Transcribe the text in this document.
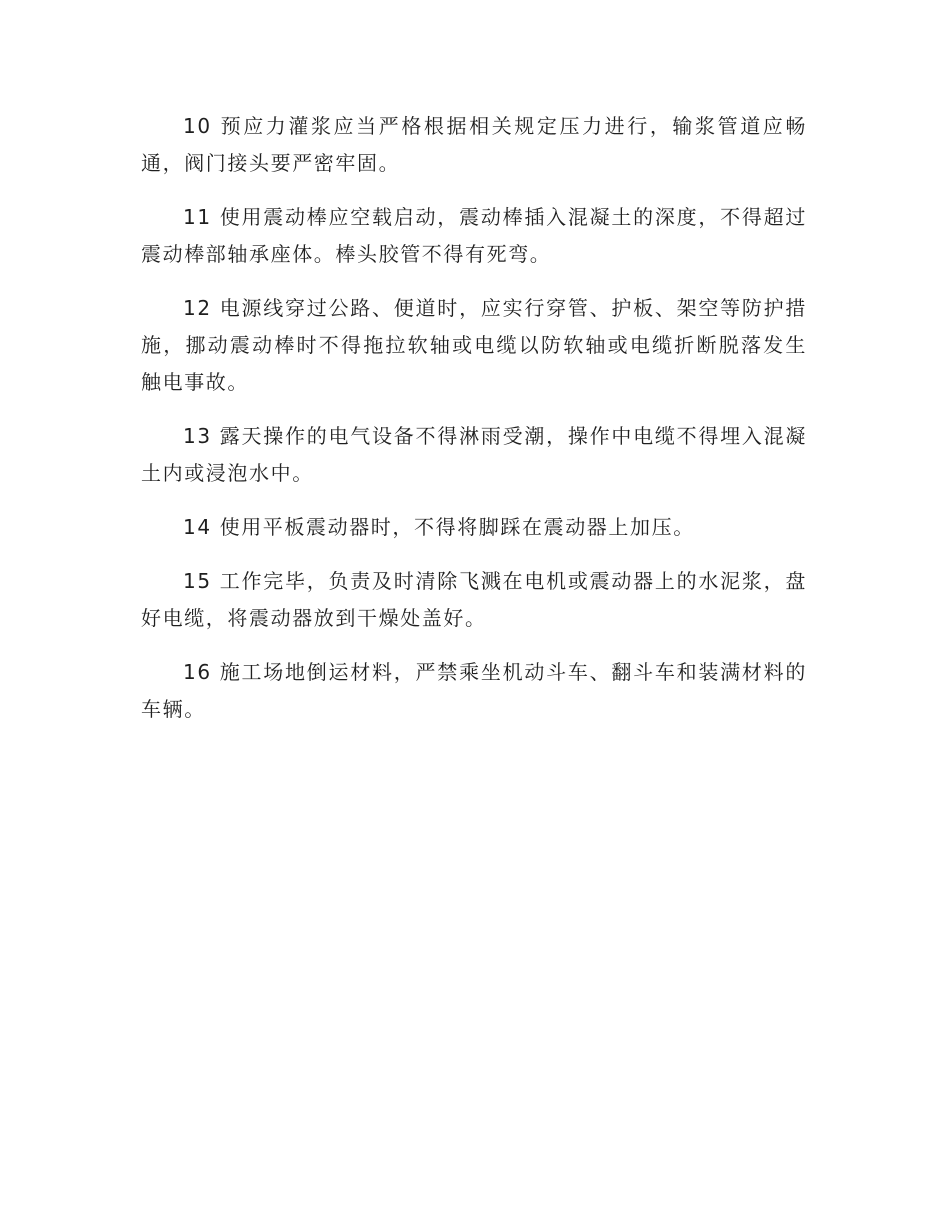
10 预应力灌浆应当严格根据相关规定压力进行，输浆管道应畅通，阀门接头要严密牢固。

11 使用震动棒应空载启动，震动棒插入混凝土的深度，不得超过震动棒部轴承座体。棒头胶管不得有死弯。

12 电源线穿过公路、便道时，应实行穿管、护板、架空等防护措施，挪动震动棒时不得拖拉软轴或电缆以防软轴或电缆折断脱落发生触电事故。

13 露天操作的电气设备不得淋雨受潮，操作中电缆不得埋入混凝土内或浸泡水中。

14 使用平板震动器时，不得将脚踩在震动器上加压。

15 工作完毕，负责及时清除飞溅在电机或震动器上的水泥浆，盘好电缆，将震动器放到干燥处盖好。

16 施工场地倒运材料，严禁乘坐机动斗车、翻斗车和装满材料的车辆。
